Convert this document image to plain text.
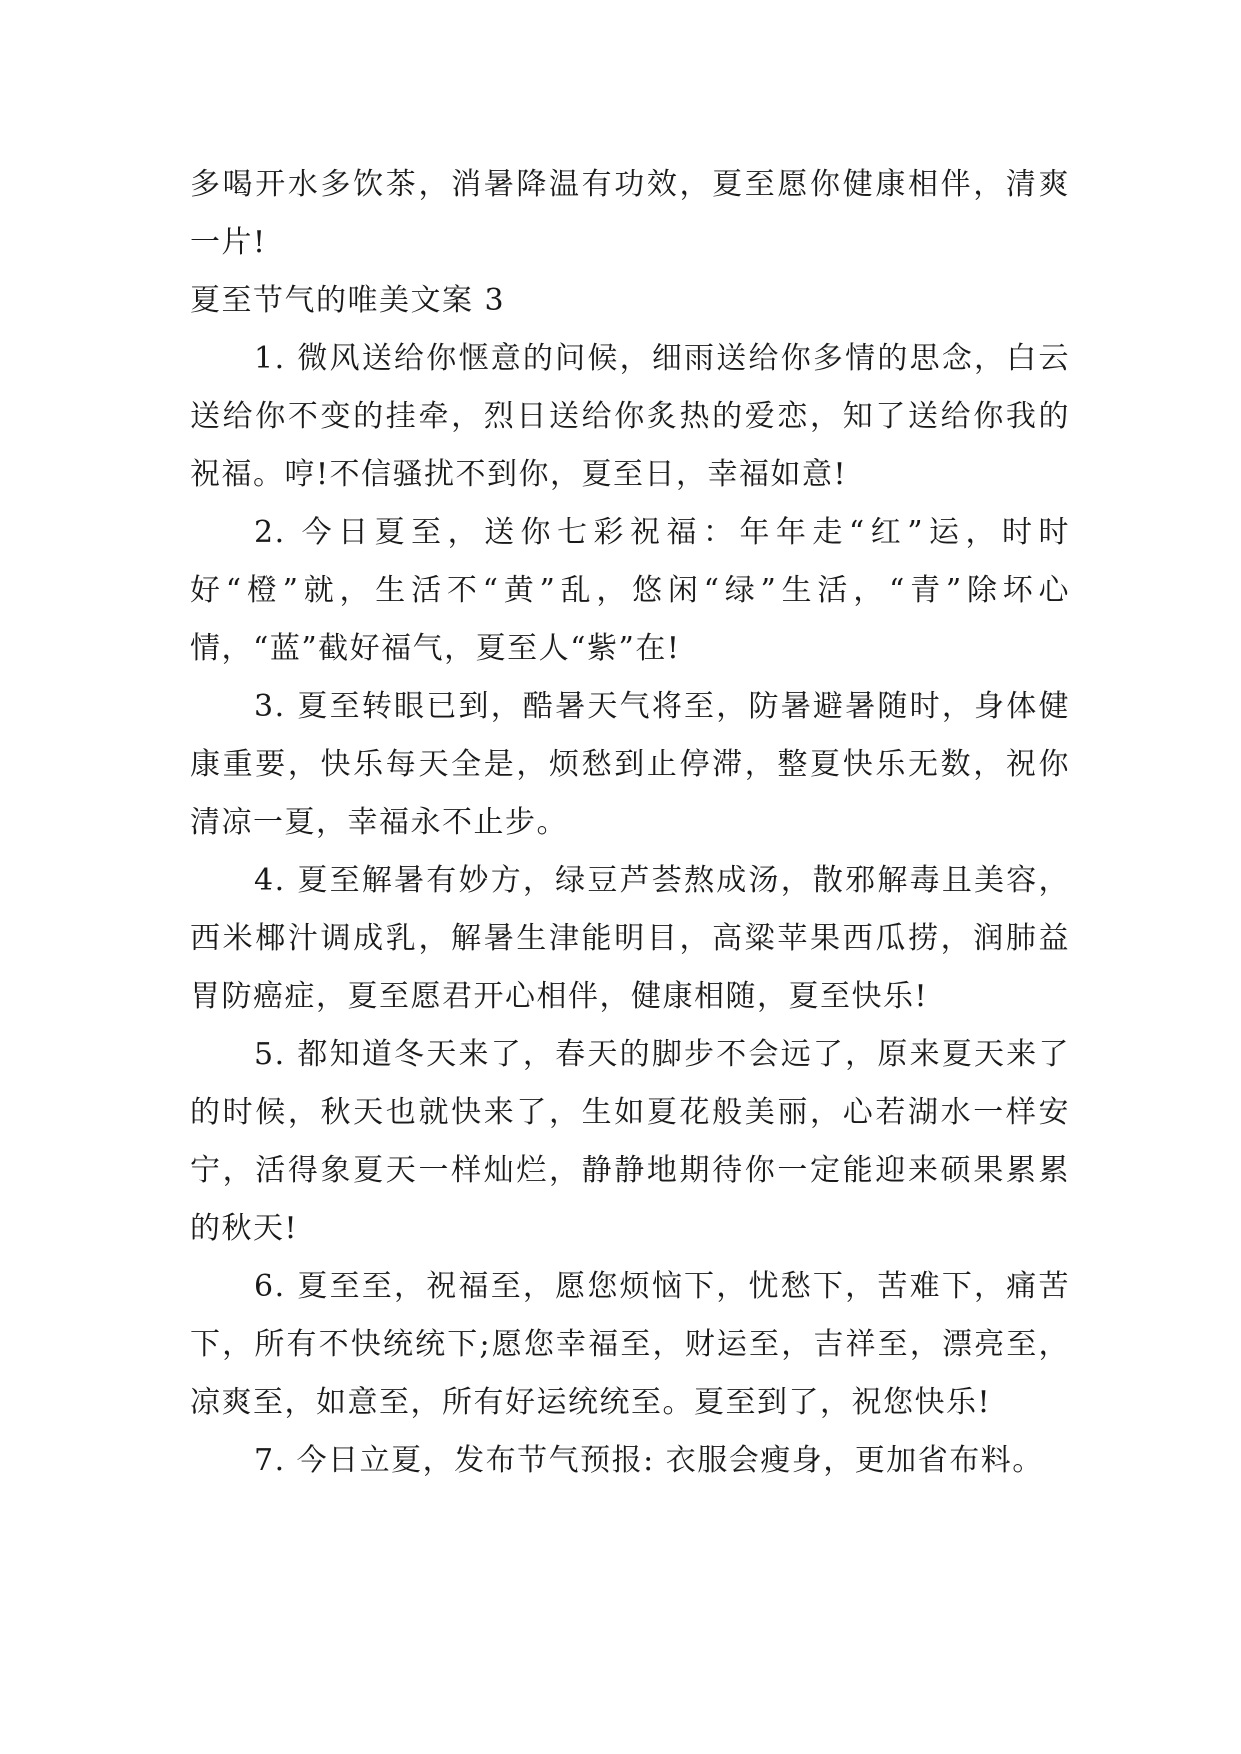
多喝开水多饮茶，消暑降温有功效，夏至愿你健康相伴，清爽一片!

夏至节气的唯美文案 3

1. 微风送给你惬意的问候，细雨送给你多情的思念，白云送给你不变的挂牵，烈日送给你炙热的爱恋，知了送给你我的祝福。哼!不信骚扰不到你，夏至日，幸福如意!

2. 今日夏至，送你七彩祝福：年年走“红”运，时时好“橙”就，生活不“黄”乱，悠闲“绿”生活，“青”除坏心情，“蓝”截好福气，夏至人“紫”在!

3. 夏至转眼已到，酷暑天气将至，防暑避暑随时，身体健康重要，快乐每天全是，烦愁到止停滞，整夏快乐无数，祝你清凉一夏，幸福永不止步。

4. 夏至解暑有妙方，绿豆芦荟熬成汤，散邪解毒且美容，西米椰汁调成乳，解暑生津能明目，高粱苹果西瓜捞，润肺益胃防癌症，夏至愿君开心相伴，健康相随，夏至快乐!

5. 都知道冬天来了，春天的脚步不会远了，原来夏天来了的时候，秋天也就快来了，生如夏花般美丽，心若湖水一样安宁，活得象夏天一样灿烂，静静地期待你一定能迎来硕果累累的秋天!

6. 夏至至，祝福至，愿您烦恼下，忧愁下，苦难下，痛苦下，所有不快统统下;愿您幸福至，财运至，吉祥至，漂亮至，凉爽至，如意至，所有好运统统至。夏至到了，祝您快乐!

7. 今日立夏，发布节气预报: 衣服会瘦身，更加省布料。
